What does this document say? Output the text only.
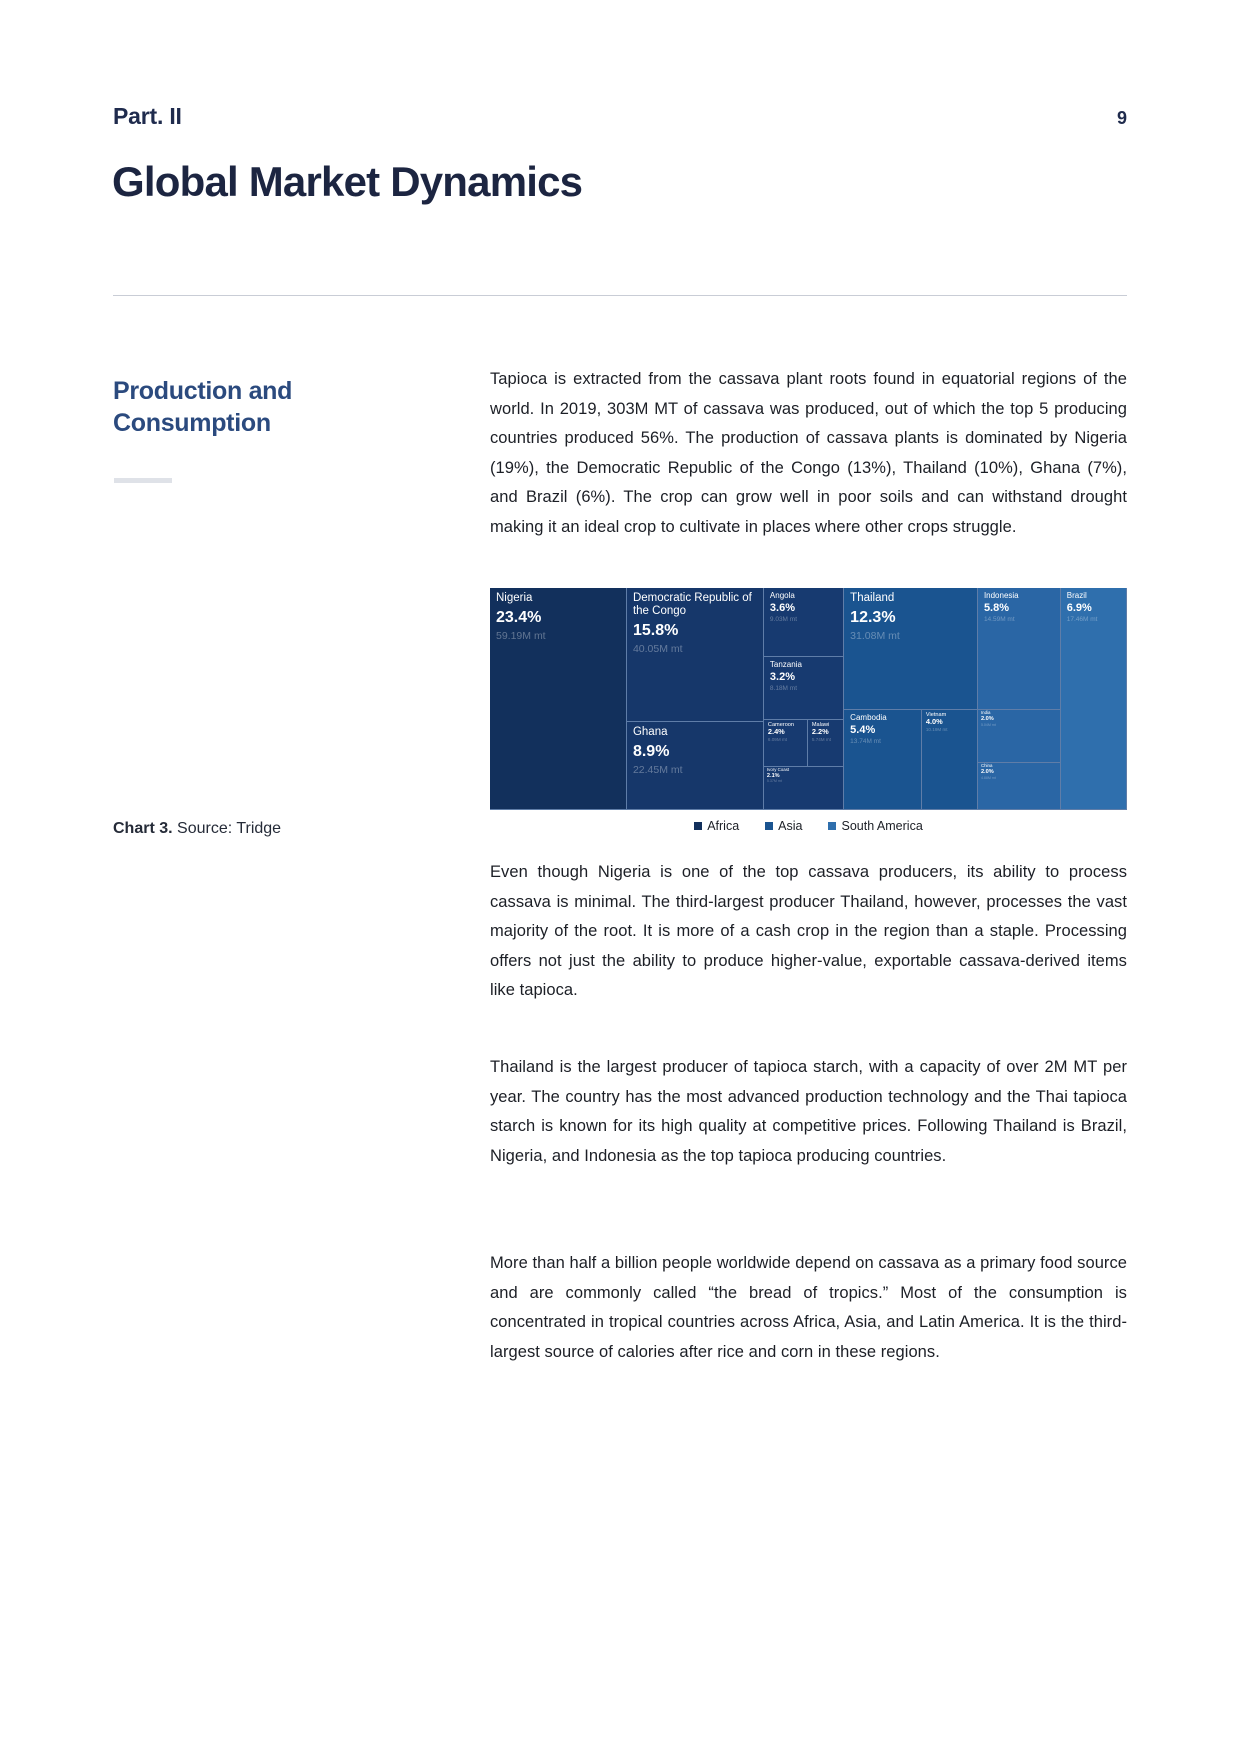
Part. II	9
Global Market Dynamics
Production and Consumption
Chart 3. Source: Tridge
Tapioca is extracted from the cassava plant roots found in equatorial regions of the world. In 2019, 303M MT of cassava was produced, out of which the top 5 producing countries produced 56%. The production of cassava plants is dominated by Nigeria (19%), the Democratic Republic of the Congo (13%), Thailand (10%), Ghana (7%), and Brazil (6%). The crop can grow well in poor soils and can withstand drought making it an ideal crop to cultivate in places where other crops struggle.
Nigeria
23.4%
59.19M mt
Democratic Republic of the Congo
15.8%
40.05M mt
Ghana
8.9%
22.45M mt
Angola
3.6%
9.03M mt
Tanzania
3.2%
8.18M mt
Cameroon
2.4%
6.09M mt
Malawi
2.2%
5.74M mt
Ivory Coast
2.1%
5.37M mt
Thailand
12.3%
31.08M mt
Cambodia
5.4%
13.74M mt
Vietnam
4.0%
10.19M mt
Indonesia
5.8%
14.59M mt
India
2.0%
5.04M mt
China
2.0%
4.88M mt
Brazil
6.9%
17.46M mt
Africa	Asia	South America
Even though Nigeria is one of the top cassava producers, its ability to process cassava is minimal. The third-largest producer Thailand, however, processes the vast majority of the root. It is more of a cash crop in the region than a staple. Processing offers not just the ability to produce higher-value, exportable cassava-derived items like tapioca.
Thailand is the largest producer of tapioca starch, with a capacity of over 2M MT per year. The country has the most advanced production technology and the Thai tapioca starch is known for its high quality at competitive prices. Following Thailand is Brazil, Nigeria, and Indonesia as the top tapioca producing countries.
More than half a billion people worldwide depend on cassava as a primary food source and are commonly called “the bread of tropics.” Most of the consumption is concentrated in tropical countries across Africa, Asia, and Latin America. It is the third-largest source of calories after rice and corn in these regions.
